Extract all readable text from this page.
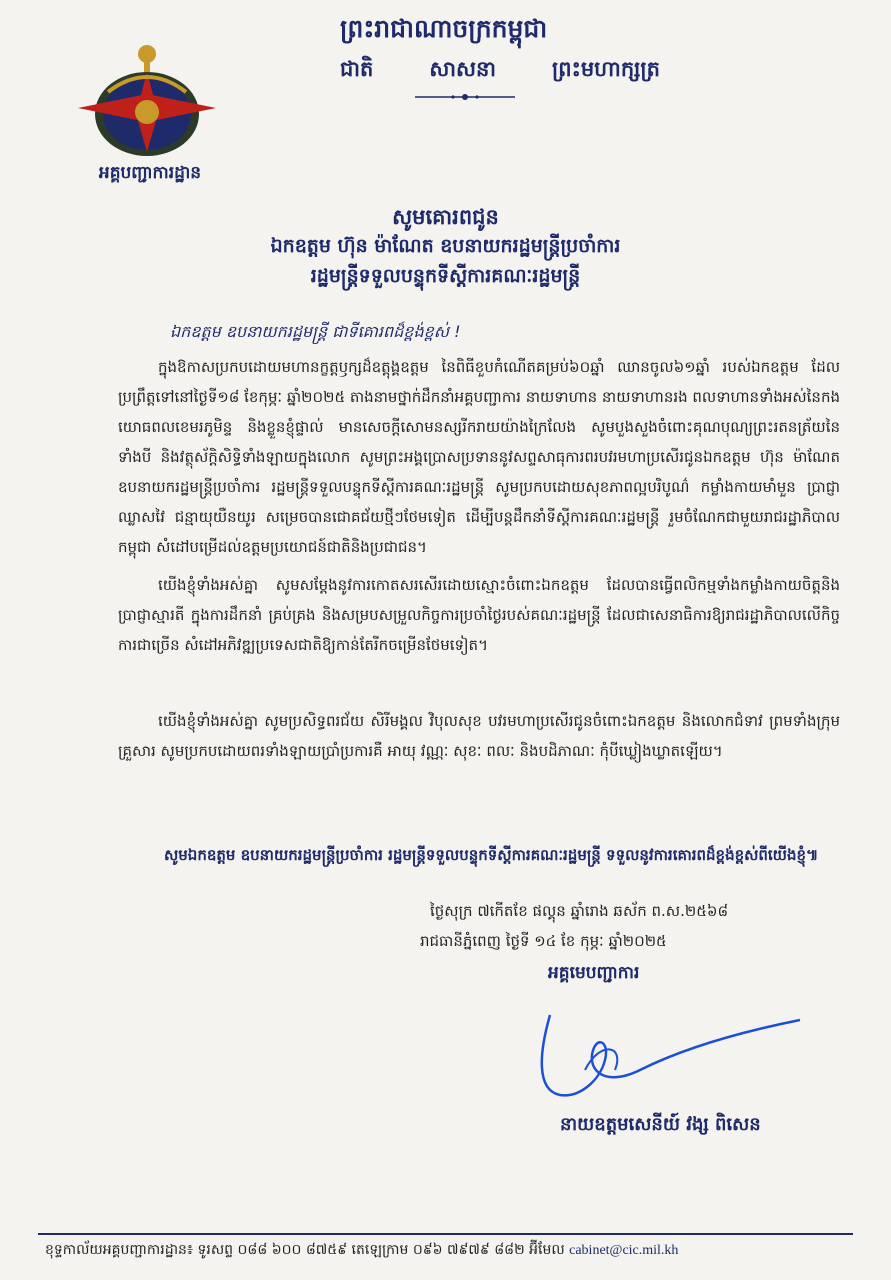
អគ្គបញ្ជាការដ្ឋាន
ព្រះរាជាណាចក្រកម្ពុជា
ជាតិ	សាសនា	ព្រះមហាក្សត្រ
សូមគោរពជូន
ឯកឧត្តម ហ៊ុន ម៉ាណែត ឧបនាយករដ្ឋមន្ត្រីប្រចាំការ
រដ្ឋមន្ត្រីទទួលបន្ទុកទីស្តីការគណៈរដ្ឋមន្ត្រី
ឯកឧត្តម ឧបនាយករដ្ឋមន្ត្រី ជាទីគោរពដ៏ខ្ពង់ខ្ពស់ !
ក្នុងឱកាសប្រកបដោយមហានក្ខត្តឫក្សដ៏ឧត្តុង្គឧត្តម នៃពិធីខួបកំណើតគម្រប់៦០ឆ្នាំ ឈានចូល៦១ឆ្នាំ របស់ឯកឧត្តម ដែលប្រព្រឹត្តទៅនៅថ្ងៃទី១៨ ខែកុម្ភៈ ឆ្នាំ២០២៥ តាងនាមថ្នាក់ដឹកនាំអគ្គបញ្ជាការ នាយទាហាន នាយទាហានរង ពលទាហានទាំងអស់នៃកងយោធពលខេមរភូមិន្ទ និងខ្លួនខ្ញុំផ្ទាល់ មានសេចក្តីសោមនស្សរីករាយយ៉ាងក្រៃលែង សូមបួងសួងចំពោះគុណបុណ្យព្រះរតនត្រ័យនៃទាំងបី និងវត្ថុស័ក្តិសិទ្ធិទាំងឡាយក្នុងលោក សូមព្រះអង្គប្រោសប្រទាននូវសព្ទសាធុការពរបវរមហាប្រសើរជូនឯកឧត្តម ហ៊ុន ម៉ាណែត ឧបនាយករដ្ឋមន្ត្រីប្រចាំការ រដ្ឋមន្ត្រីទទួលបន្ទុកទីស្តីការគណៈរដ្ឋមន្ត្រី សូមប្រកបដោយសុខភាពល្អបរិបូណ៌ កម្លាំងកាយមាំមួន ប្រាជ្ញាឈ្លាសវៃ ជន្មាយុយឺនយូរ សម្រេចបានជោគជ័យថ្មីៗថែមទៀត ដើម្បីបន្តដឹកនាំទីស្តីការគណៈរដ្ឋមន្ត្រី រួមចំណែកជាមួយរាជរដ្ឋាភិបាលកម្ពុជា សំដៅបម្រើដល់ឧត្តមប្រយោជន៍ជាតិនិងប្រជាជន។
យើងខ្ញុំទាំងអស់គ្នា សូមសម្តែងនូវការកោតសរសើរដោយស្មោះចំពោះឯកឧត្តម ដែលបានធ្វើពលិកម្មទាំងកម្លាំងកាយចិត្តនិងប្រាជ្ញាស្មារតី ក្នុងការដឹកនាំ គ្រប់គ្រង និងសម្របសម្រួលកិច្ចការប្រចាំថ្ងៃរបស់គណៈរដ្ឋមន្ត្រី ដែលជាសេនាធិការឱ្យរាជរដ្ឋាភិបាលលើកិច្ចការជាច្រើន សំដៅអភិវឌ្ឍប្រទេសជាតិឱ្យកាន់តែរីកចម្រើនថែមទៀត។
យើងខ្ញុំទាំងអស់គ្នា សូមប្រសិទ្ធពរជ័យ សិរីមង្គល វិបុលសុខ បវរមហាប្រសើរជូនចំពោះឯកឧត្តម និងលោកជំទាវ ព្រមទាំងក្រុមគ្រួសារ សូមប្រកបដោយពរទាំងឡាយប្រាំប្រការគឺ អាយុ វណ្ណៈ សុខៈ ពលៈ និងបដិភាណៈ កុំបីឃ្លៀងឃ្លាតឡើយ។
សូមឯកឧត្តម ឧបនាយករដ្ឋមន្ត្រីប្រចាំការ រដ្ឋមន្ត្រីទទួលបន្ទុកទីស្តីការគណៈរដ្ឋមន្ត្រី ទទួលនូវការគោរពដ៏ខ្ពង់ខ្ពស់ពីយើងខ្ញុំ៕
ថ្ងៃសុក្រ ៧កើតខែ ផល្គុន ឆ្នាំរោង ឆស័ក ព.ស.២៥៦៨
រាជធានីភ្នំពេញ ថ្ងៃទី ១៤ ខែ កុម្ភៈ ឆ្នាំ២០២៥
អគ្គមេបញ្ជាការ
នាយឧត្តមសេនីយ៍ វង្ស ពិសេន
ខុទ្ទកាល័យអគ្គបញ្ជាការដ្ឋាន៖ ទូរសព្ទ ០៨៨ ៦០០ ៨៧៥៩ តេឡេក្រាម ០៩៦ ៧៩៧៩ ៨៨២ អ៊ីមែល cabinet@cic.mil.kh
